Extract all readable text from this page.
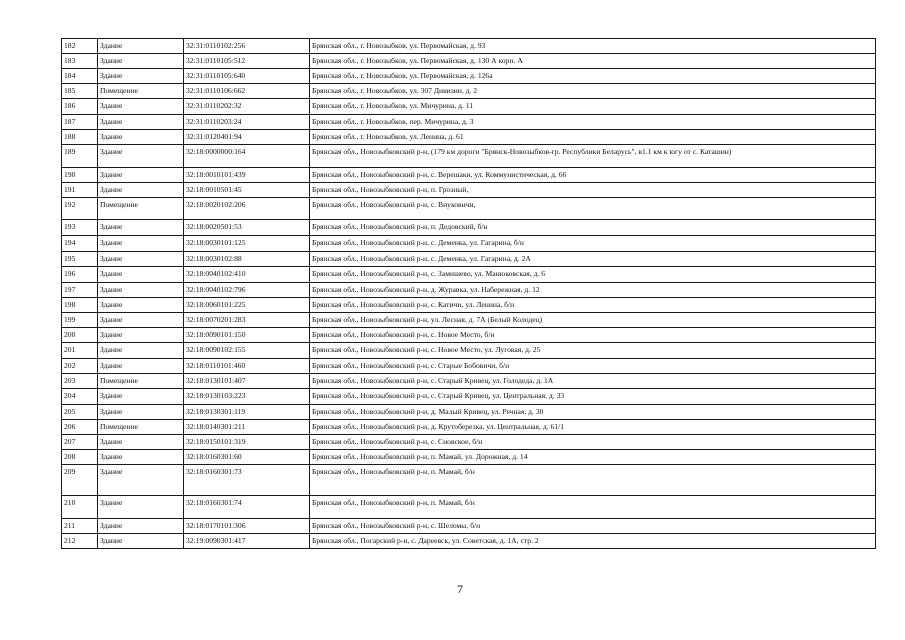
182	Здание	32:31:0110102:256	Брянская обл., г. Новозыбков, ул. Первомайская, д. 93
183	Здание	32:31:0110105:512	Брянская обл., г. Новозыбков, ул. Первомайская, д. 130 А корп. А
184	Здание	32:31:0110105:640	Брянская обл., г. Новозыбков, ул. Первомайская, д. 126а
185	Помещение	32:31:0110106:662	Брянская обл., г. Новозыбков, ул. 307 Дивизии, д. 2
186	Здание	32:31:0110202:32	Брянская обл., г. Новозыбков, ул. Мичурина, д. 11
187	Здание	32:31:0110203:24	Брянская обл., г. Новозыбков, пер. Мичурина, д. 3
188	Здание	32:31:0120401:94	Брянская обл., г. Новозыбков, ул. Ленина, д. 61
189	Здание	32:18:0000000:164	Брянская обл., Новозыбковский р-н, (179 км дороги "Брянск-Новозыбков-гр. Республики Беларусь", в1.1 км к югу от с. Каташин)
190	Здание	32:18:0010101:439	Брянская обл., Новозыбковский р-н, с. Верешаки, ул. Коммунистическая, д. 66
191	Здание	32:18:0010501:45	Брянская обл., Новозыбковский р-н, п. Грозный,
192	Помещение	32:18:0020102:206	Брянская обл., Новозыбковский р-н, с. Внуковичи,
193	Здание	32:18:0020501:53	Брянская обл., Новозыбковский р-н, п. Дедовский, б/н
194	Здание	32:18:0030101:125	Брянская обл., Новозыбковский р-н, с. Деменка, ул. Гагарина, б/н
195	Здание	32:18:0030102:88	Брянская обл., Новозыбковский р-н, с. Деменка, ул. Гагарина, д. 2А
196	Здание	32:18:0040102:410	Брянская обл., Новозыбковский р-н, с. Замишево, ул. Манюковская, д. 6
197	Здание	32:18:0040102:796	Брянская обл., Новозыбковский р-н, д. Журавка, ул. Набережная, д. 12
198	Здание	32:18:0060101:225	Брянская обл., Новозыбковский р-н, с. Катичи, ул. Ленина, б/н
199	Здание	32:18:0070201:283	Брянская обл., Новозыбковский р-н, ул. Лесная, д. 7А (Белый Колодец)
200	Здание	32:18:0090101:150	Брянская обл., Новозыбковский р-н, с. Новое Место, б/н
201	Здание	32:18:0090102:155	Брянская обл., Новозыбковский р-н, с. Новое Место, ул. Луговая, д. 25
202	Здание	32:18:0110101:460	Брянская обл., Новозыбковский р-н, с. Старые Бобовичи, б/н
203	Помещение	32:18:0130101:407	Брянская обл., Новозыбковский р-н, с. Старый Кривец, ул. Голодеда, д. 1А
204	Здание	32:18:0130103:223	Брянская обл., Новозыбковский р-н, с. Старый Кривец, ул. Центральная, д. 33
205	Здание	32:18:0130301:119	Брянская обл., Новозыбковский р-н, д. Малый Кривец, ул. Речная, д. 30
206	Помещение	32:18:0140301:211	Брянская обл., Новозыбковский р-н, д. Крутоберезка, ул. Центральная, д. 61/1
207	Здание	32:18:0150101:319	Брянская обл., Новозыбковский р-н, с. Сновское, б/н
208	Здание	32:18:0160301:60	Брянская обл., Новозыбковский р-н, п. Мамай, ул. Дорожная, д. 14
209	Здание	32:18:0160301:73	Брянская обл., Новозыбковский р-н, п. Мамай, б/н
210	Здание	32:18:0160301:74	Брянская обл., Новозыбковский р-н, п. Мамай, б/н
211	Здание	32:18:0170101:306	Брянская обл., Новозыбковский р-н, с. Шеломы, б/н
212	Здание	32:19:0090301:417	Брянская обл., Погарский р-н, с. Дареевск, ул. Советская, д. 1А, стр. 2
7
